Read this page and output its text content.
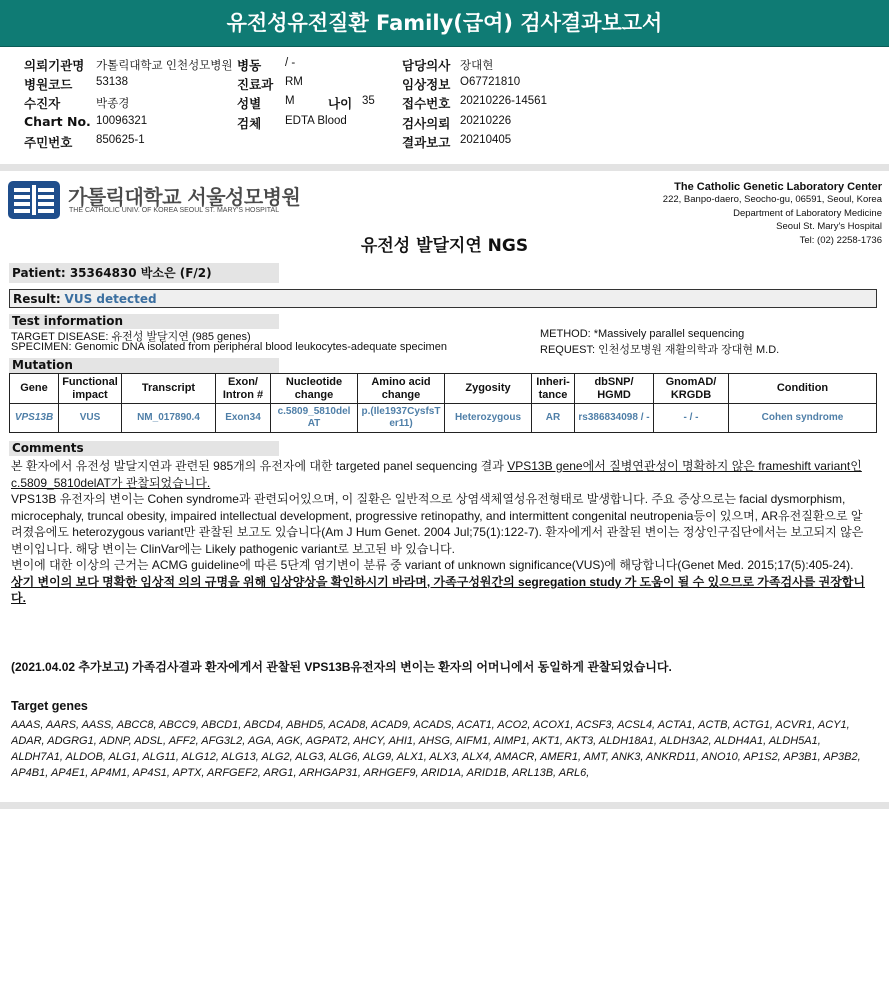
유전성유전질환 Family(급여) 검사결과보고서
의뢰기관명 가톨릭대학교 인천성모병원
병원코드 53138
수진자	박종경
Chart No. 10096321
주민번호 850625-1
병동 / -
진료과 RM
성별 M	나이 35
검체 EDTA Blood
담당의사 장대현
임상정보 O67721810
접수번호 20210226-14561
검사의뢰 20210226
결과보고 20210405
가톨릭대학교 서울성모병원
THE CATHOLIC UNIV. OF KOREA SEOUL ST. MARY'S HOSPITAL
The Catholic Genetic Laboratory Center
222, Banpo-daero, Seocho-gu, 06591, Seoul, Korea
Department of Laboratory Medicine
Seoul St. Mary's Hospital
Tel: (02) 2258-1736
유전성 발달지연 NGS
Patient: 35364830 박소은 (F/2)
Result: VUS detected
Test information
TARGET DISEASE: 유전성 발달지연 (985 genes)
SPECIMEN: Genomic DNA isolated from peripheral blood leukocytes-adequate specimen
METHOD: *Massively parallel sequencing
REQUEST: 인천성모병원 재활의학과 장대현 M.D.
Mutation
Gene	Functional impact	Transcript	Exon/ Intron #	Nucleotide change	Amino acid change	Zygosity	Inheri- tance	dbSNP/ HGMD	GnomAD/ KRGDB	Condition
VPS13B	VUS	NM_017890.4	Exon34	c.5809_5810del AT	p.(Ile1937CysfsT er11)	Heterozygous	AR	rs386834098 / -	- / -	Cohen syndrome
Comments

본 환자에서 유전성 발달지연과 관련된 985개의 유전자에 대한 targeted panel sequencing 결과 VPS13B gene에서 질병연관성이 명확하지 않은 frameshift variant인 c.5809_5810delAT가 관찰되었습니다.

VPS13B 유전자의 변이는 Cohen syndrome과 관련되어있으며, 이 질환은 일반적으로 상염색체열성유전형태로 발생합니다. 주요 증상으로는 facial dysmorphism, microcephaly, truncal obesity, impaired intellectual development, progressive retinopathy, and intermittent congenital neutropenia등이 있으며, AR유전질환으로 알려졌음에도 heterozygous variant만 관찰된 보고도 있습니다(Am J Hum Genet. 2004 Jul;75(1):122-7). 환자에게서 관찰된 변이는 정상인구집단에서는 보고되지 않은 변이입니다. 해당 변이는 ClinVar에는 Likely pathogenic variant로 보고된 바 있습니다.

변이에 대한 이상의 근거는 ACMG guideline에 따른 5단계 염기변이 분류 중 variant of unknown significance(VUS)에 해당합니다(Genet Med. 2015;17(5):405-24).

상기 변이의 보다 명확한 임상적 의의 규명을 위해 임상양상을 확인하시기 바라며, 가족구성원간의 segregation study 가 도움이 될 수 있으므로 가족검사를 권장합니다.

(2021.04.02 추가보고) 가족검사결과 환자에게서 관찰된 VPS13B유전자의 변이는 환자의 어머니에서 동일하게 관찰되었습니다.
Target genes
AAAS, AARS, AASS, ABCC8, ABCC9, ABCD1, ABCD4, ABHD5, ACAD8, ACAD9, ACADS, ACAT1, ACO2, ACOX1, ACSF3, ACSL4, ACTA1, ACTB, ACTG1, ACVR1, ACY1, ADAR, ADGRG1, ADNP, ADSL, AFF2, AFG3L2, AGA, AGK, AGPAT2, AHCY, AHI1, AHSG, AIFM1, AIMP1, AKT1, AKT3, ALDH18A1, ALDH3A2, ALDH4A1, ALDH5A1, ALDH7A1, ALDOB, ALG1, ALG11, ALG12, ALG13, ALG2, ALG3, ALG6, ALG9, ALX1, ALX3, ALX4, AMACR, AMER1, AMT, ANK3, ANKRD11, ANO10, AP1S2, AP3B1, AP3B2, AP4B1, AP4E1, AP4M1, AP4S1, APTX, ARFGEF2, ARG1, ARHGAP31, ARHGEF9, ARID1A, ARID1B, ARL13B, ARL6,
